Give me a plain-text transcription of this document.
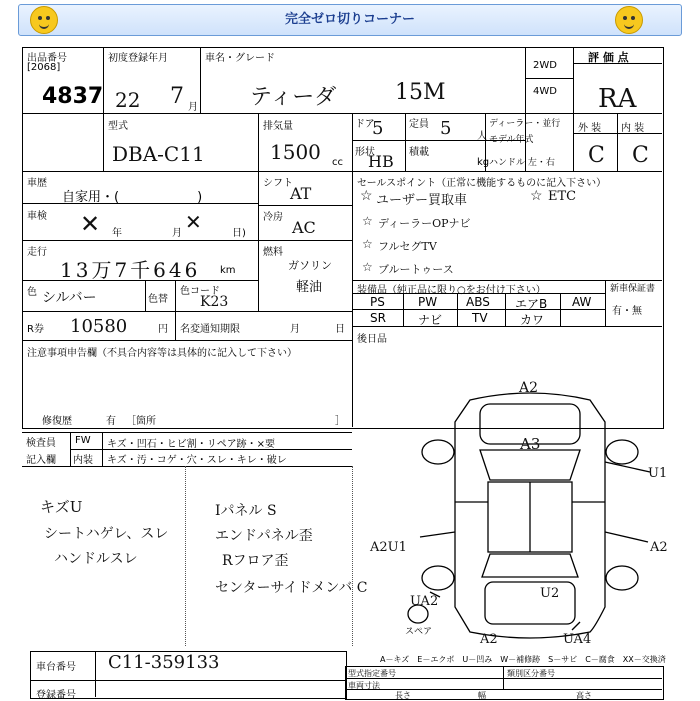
完全ゼロ切りコーナー
出品番号
[2068]
4837
初度登録年月
22 7 月
車名・グレード
ティーダ	15M
2WD
4WD
評 価 点
RA
型式
DBA-C11
排気量
1500 cc
ドア
5	定員 5	人
ディーラー・並行
モデル年式
ハンドル 左・右
形状
HB 積載
kg
外 装 内 装
C C
車歴
自家用・(　　　　　　)
車検 ✕ 年	✕
月	日)
走行
13万7千646 km
シフト
AT
冷房
AC
燃料
ガソリン
軽油
色 シルバー	色替
色コード
K23
R券 10580	円 名変通知期限	月	日
セールスポイント（正常に機能するものに記入下さい）
☆ ユーザー買取車	☆ ETC
☆ ディーラーOPナビ
☆ フルセグTV
☆ ブルートゥース
装備品（純正品に限り○をお付け下さい）	新車保証書
有・無
PS	PW ABS エアB AW
SR	ナビ TV	カワ
後日品
注意事項申告欄（不具合内容等は具体的に記入して下さい）
修復歴	有 ［箇所	］
検査員
記入欄
FW キズ・凹石・ヒビ割・リペア跡・×要
内装 キズ・汚・コゲ・穴・スレ・キレ・破レ
キズU
シートハゲレ、スレ
ハンドルスレ
Iパネル S
エンドパネル歪
Rフロア歪
センターサイドメンバ C
A2
A3
U1
A2U1	A2
U2
UA2
A2	UA4
スペア
A－キズ　E－エクボ　U－凹み　W－補修跡　S－サビ　C－腐食　XX－交換済
車台番号 C11-359133
登録番号
型式指定番号	類別区分番号
車両寸法
長さ	幅	高さ
